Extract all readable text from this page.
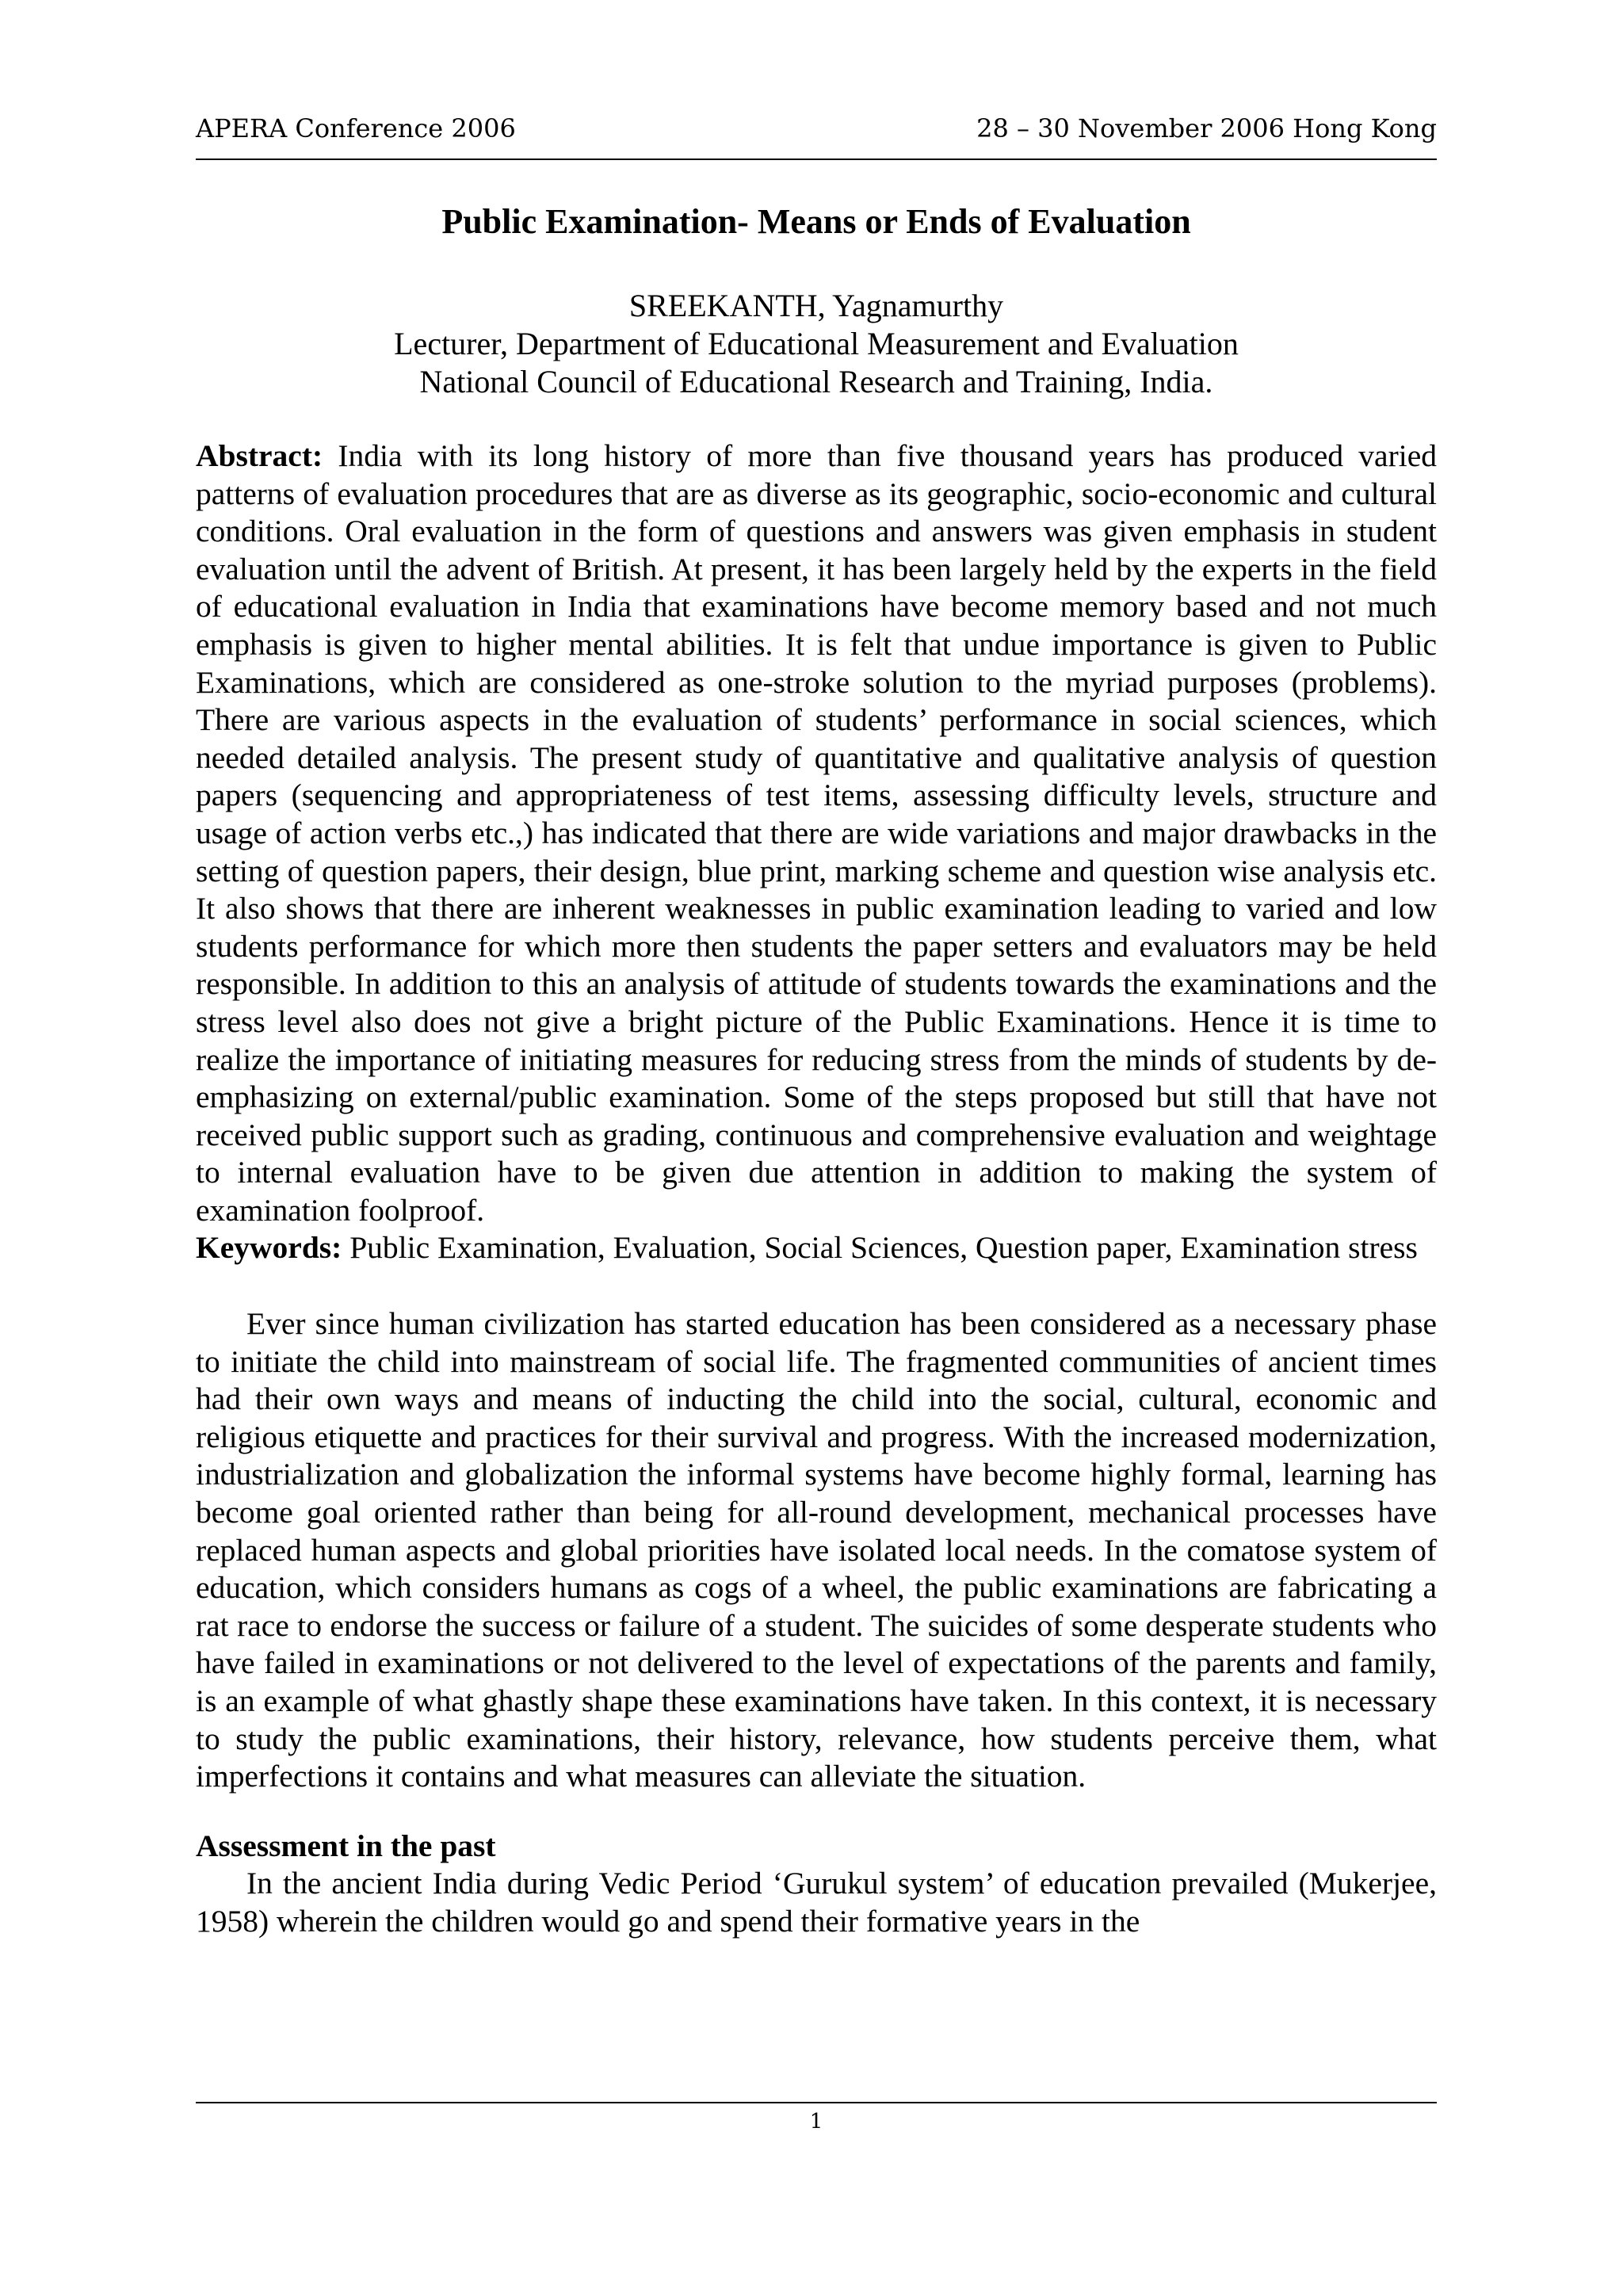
APERA Conference 2006	28 – 30 November 2006 Hong Kong
Public Examination- Means or Ends of Evaluation
SREEKANTH, Yagnamurthy
Lecturer, Department of Educational Measurement and Evaluation
National Council of Educational Research and Training, India.

Abstract: India with its long history of more than five thousand years has produced varied patterns of evaluation procedures that are as diverse as its geographic, socio-economic and cultural conditions. Oral evaluation in the form of questions and answers was given emphasis in student evaluation until the advent of British. At present, it has been largely held by the experts in the field of educational evaluation in India that examinations have become memory based and not much emphasis is given to higher mental abilities. It is felt that undue importance is given to Public Examinations, which are considered as one-stroke solution to the myriad purposes (problems). There are various aspects in the evaluation of students’ performance in social sciences, which needed detailed analysis. The present study of quantitative and qualitative analysis of question papers (sequencing and appropriateness of test items, assessing difficulty levels, structure and usage of action verbs etc.,) has indicated that there are wide variations and major drawbacks in the setting of question papers, their design, blue print, marking scheme and question wise analysis etc. It also shows that there are inherent weaknesses in public examination leading to varied and low students performance for which more then students the paper setters and evaluators may be held responsible. In addition to this an analysis of attitude of students towards the examinations and the stress level also does not give a bright picture of the Public Examinations. Hence it is time to realize the importance of initiating measures for reducing stress from the minds of students by de-emphasizing on external/public examination. Some of the steps proposed but still that have not received public support such as grading, continuous and comprehensive evaluation and weightage to internal evaluation have to be given due attention in addition to making the system of examination foolproof.

Keywords: Public Examination, Evaluation, Social Sciences, Question paper, Examination stress

Ever since human civilization has started education has been considered as a necessary phase to initiate the child into mainstream of social life. The fragmented communities of ancient times had their own ways and means of inducting the child into the social, cultural, economic and religious etiquette and practices for their survival and progress. With the increased modernization, industrialization and globalization the informal systems have become highly formal, learning has become goal oriented rather than being for all-round development, mechanical processes have replaced human aspects and global priorities have isolated local needs. In the comatose system of education, which considers humans as cogs of a wheel, the public examinations are fabricating a rat race to endorse the success or failure of a student. The suicides of some desperate students who have failed in examinations or not delivered to the level of expectations of the parents and family, is an example of what ghastly shape these examinations have taken. In this context, it is necessary to study the public examinations, their history, relevance, how students perceive them, what imperfections it contains and what measures can alleviate the situation.

Assessment in the past

In the ancient India during Vedic Period ‘Gurukul system’ of education prevailed (Mukerjee, 1958) wherein the children would go and spend their formative years in the

1
